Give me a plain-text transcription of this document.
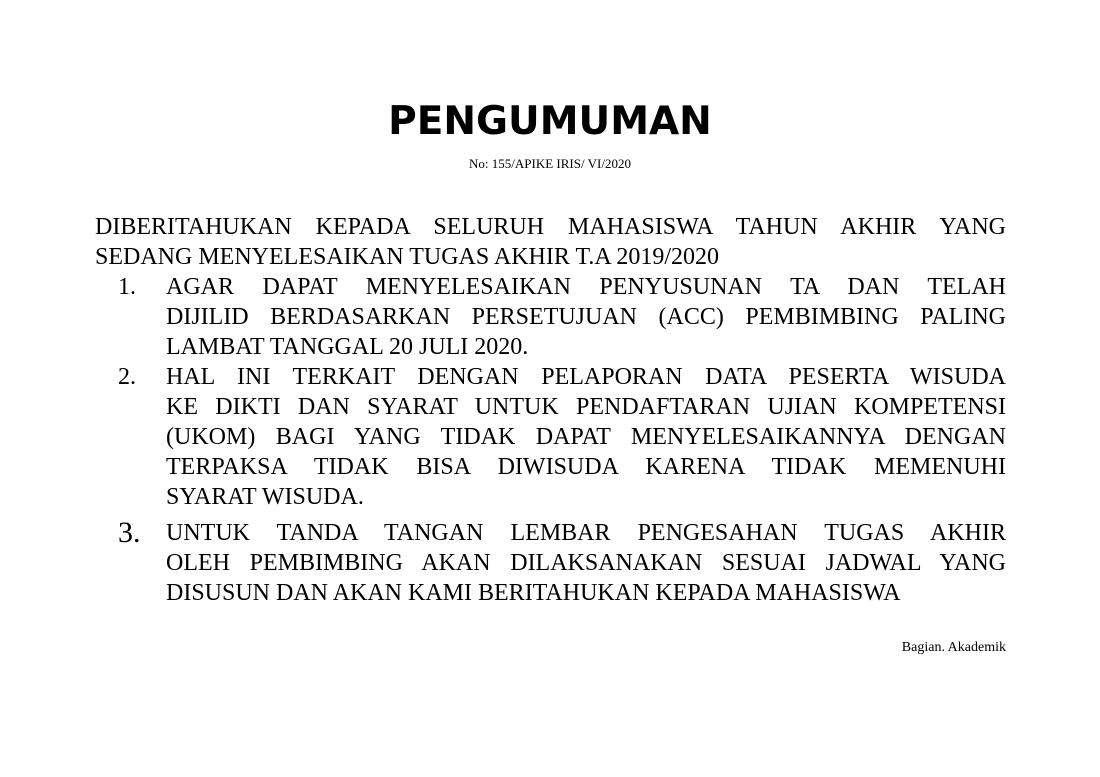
PENGUMUMAN
No: 155/APIKE IRIS/ VI/2020
DIBERITAHUKAN KEPADA SELURUH MAHASISWA TAHUN AKHIR YANG
SEDANG MENYELESAIKAN TUGAS AKHIR T.A 2019/2020
1.	AGAR DAPAT MENYELESAIKAN PENYUSUNAN TA DAN TELAH
DIJILID BERDASARKAN PERSETUJUAN (ACC) PEMBIMBING PALING
LAMBAT TANGGAL 20 JULI 2020.
2.	HAL INI TERKAIT DENGAN PELAPORAN DATA PESERTA WISUDA
KE DIKTI DAN SYARAT UNTUK PENDAFTARAN UJIAN KOMPETENSI
(UKOM) BAGI YANG TIDAK DAPAT MENYELESAIKANNYA DENGAN
TERPAKSA TIDAK BISA DIWISUDA KARENA TIDAK MEMENUHI
SYARAT WISUDA.
3.	UNTUK TANDA TANGAN LEMBAR PENGESAHAN TUGAS AKHIR
OLEH PEMBIMBING AKAN DILAKSANAKAN SESUAI JADWAL YANG
DISUSUN DAN AKAN KAMI BERITAHUKAN KEPADA MAHASISWA
Bagian. Akademik
